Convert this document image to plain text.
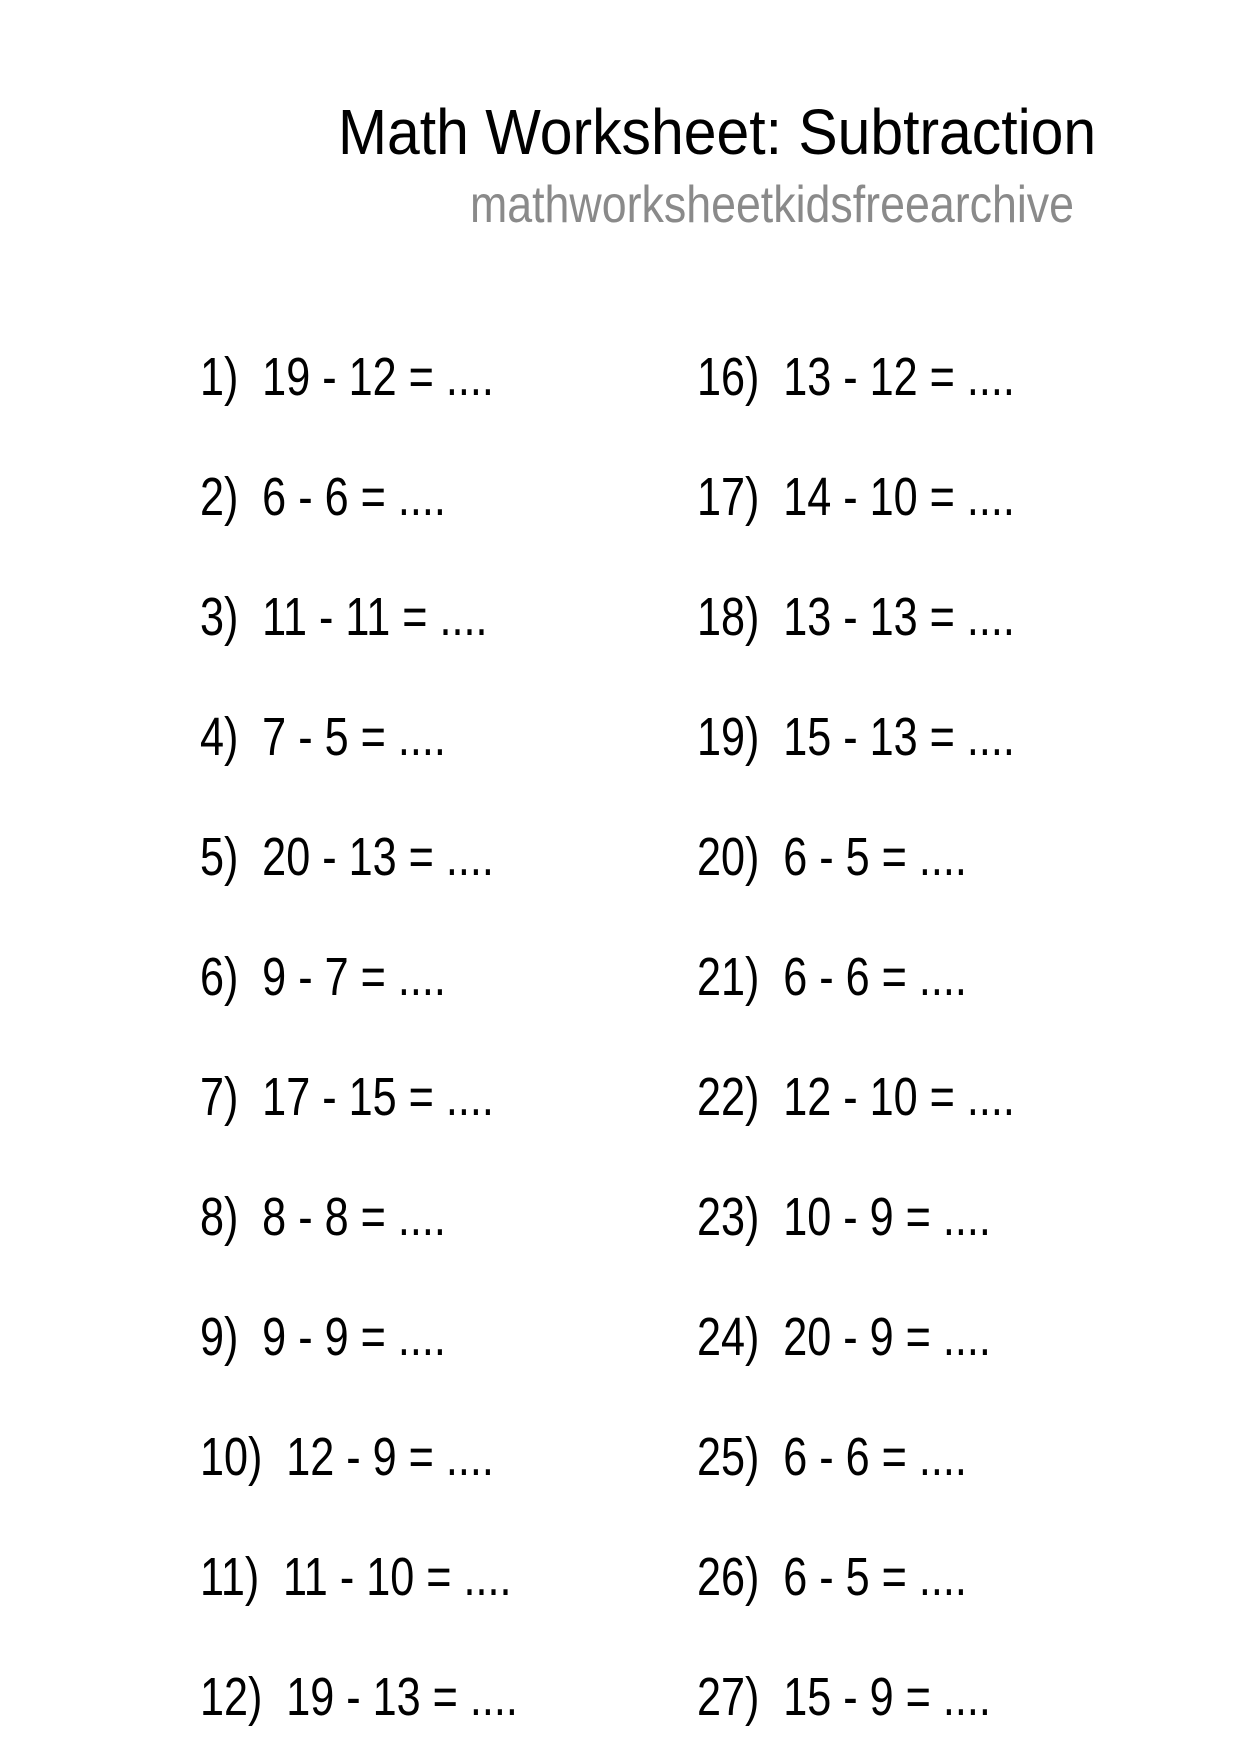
Math Worksheet: Subtraction
mathworksheetkidsfreearchive
1) 19 - 12 = ....
2) 6 - 6 = ....
3) 11 - 11 = ....
4) 7 - 5 = ....
5) 20 - 13 = ....
6) 9 - 7 = ....
7) 17 - 15 = ....
8) 8 - 8 = ....
9) 9 - 9 = ....
10) 12 - 9 = ....
11) 11 - 10 = ....
12) 19 - 13 = ....
16) 13 - 12 = ....
17) 14 - 10 = ....
18) 13 - 13 = ....
19) 15 - 13 = ....
20) 6 - 5 = ....
21) 6 - 6 = ....
22) 12 - 10 = ....
23) 10 - 9 = ....
24) 20 - 9 = ....
25) 6 - 6 = ....
26) 6 - 5 = ....
27) 15 - 9 = ....
